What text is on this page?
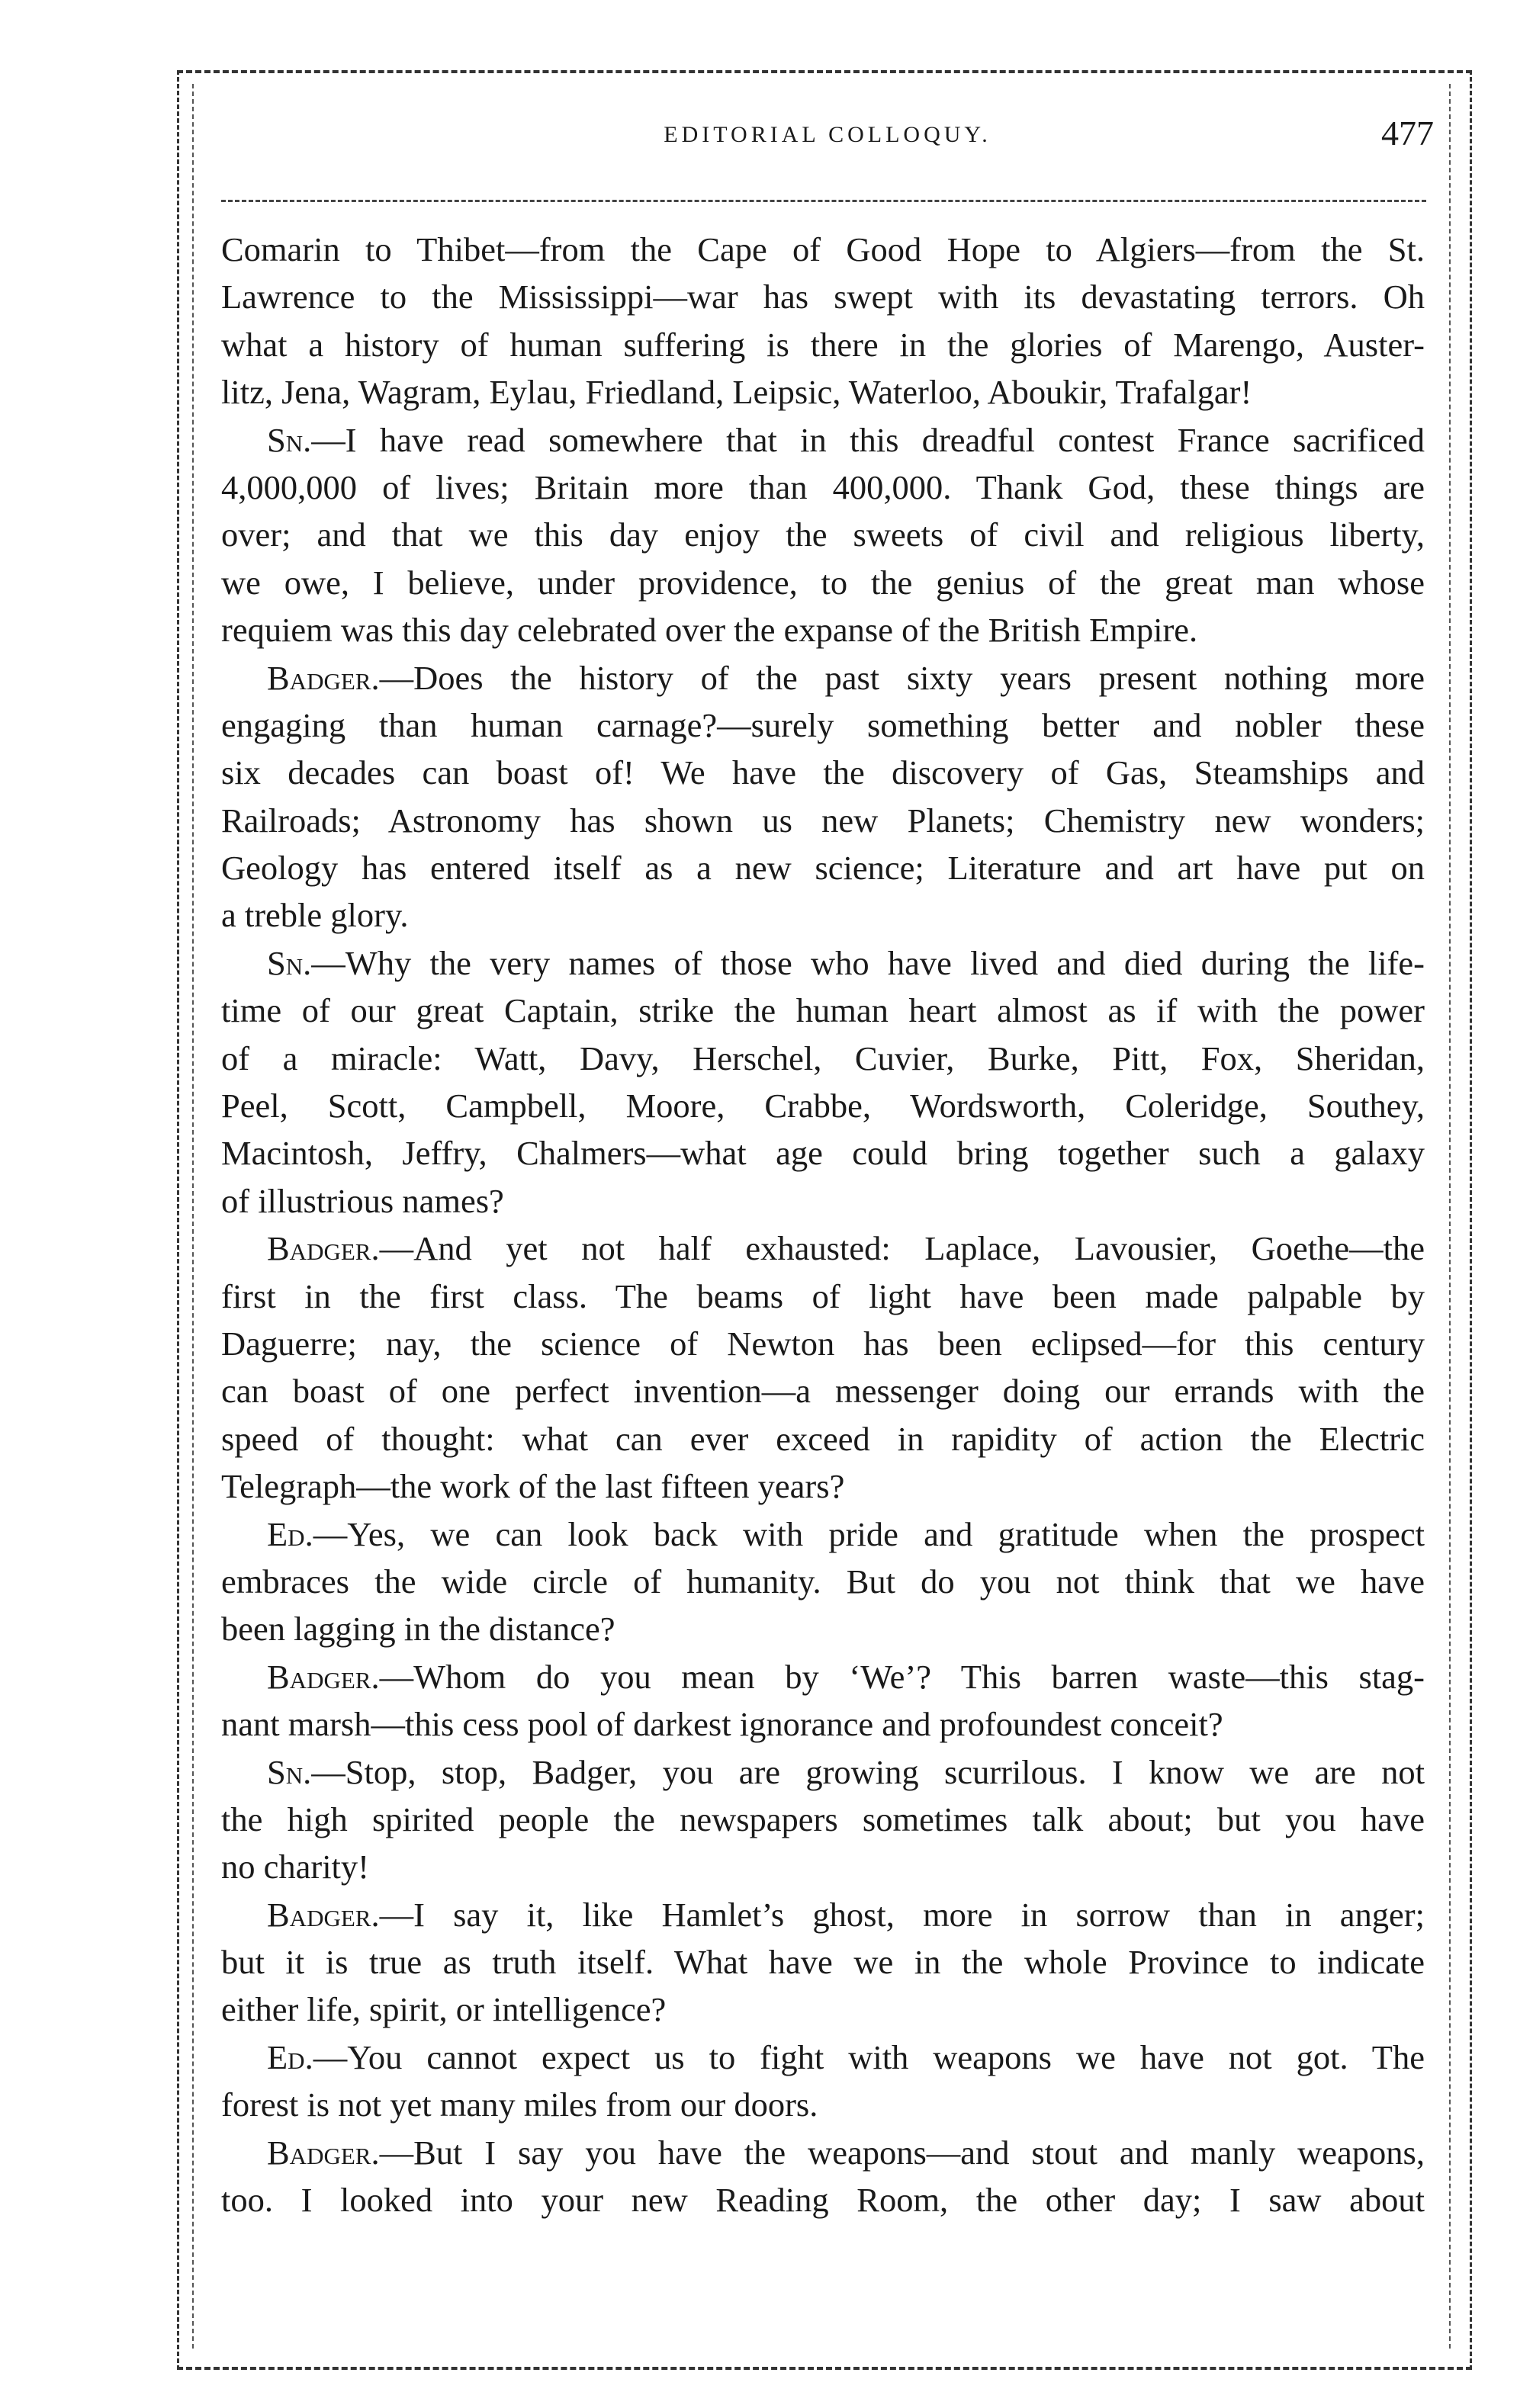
EDITORIAL COLLOQUY.	477
Comarin to Thibet—from the Cape of Good Hope to Algiers—from the St.
Lawrence to the Mississippi—war has swept with its devastating terrors. Oh
what a history of human suffering is there in the glories of Marengo, Auster-
litz, Jena, Wagram, Eylau, Friedland, Leipsic, Waterloo, Aboukir, Trafalgar!
Sn.—I have read somewhere that in this dreadful contest France sacrificed
4,000,000 of lives; Britain more than 400,000. Thank God, these things are
over; and that we this day enjoy the sweets of civil and religious liberty,
we owe, I believe, under providence, to the genius of the great man whose
requiem was this day celebrated over the expanse of the British Empire.
Badger.—Does the history of the past sixty years present nothing more
engaging than human carnage?—surely something better and nobler these
six decades can boast of! We have the discovery of Gas, Steamships and
Railroads; Astronomy has shown us new Planets; Chemistry new wonders;
Geology has entered itself as a new science; Literature and art have put on
a treble glory.
Sn.—Why the very names of those who have lived and died during the life-
time of our great Captain, strike the human heart almost as if with the power
of a miracle: Watt, Davy, Herschel, Cuvier, Burke, Pitt, Fox, Sheridan,
Peel, Scott, Campbell, Moore, Crabbe, Wordsworth, Coleridge, Southey,
Macintosh, Jeffry, Chalmers—what age could bring together such a galaxy
of illustrious names?
Badger.—And yet not half exhausted: Laplace, Lavousier, Goethe—the
first in the first class. The beams of light have been made palpable by
Daguerre; nay, the science of Newton has been eclipsed—for this century
can boast of one perfect invention—a messenger doing our errands with the
speed of thought: what can ever exceed in rapidity of action the Electric
Telegraph—the work of the last fifteen years?
Ed.—Yes, we can look back with pride and gratitude when the prospect
embraces the wide circle of humanity. But do you not think that we have
been lagging in the distance?
Badger.—Whom do you mean by ‘We’? This barren waste—this stag-
nant marsh—this cess pool of darkest ignorance and profoundest conceit?
Sn.—Stop, stop, Badger, you are growing scurrilous. I know we are not
the high spirited people the newspapers sometimes talk about; but you have
no charity!
Badger.—I say it, like Hamlet’s ghost, more in sorrow than in anger;
but it is true as truth itself. What have we in the whole Province to indicate
either life, spirit, or intelligence?
Ed.—You cannot expect us to fight with weapons we have not got. The
forest is not yet many miles from our doors.
Badger.—But I say you have the weapons—and stout and manly weapons,
too. I looked into your new Reading Room, the other day; I saw about
